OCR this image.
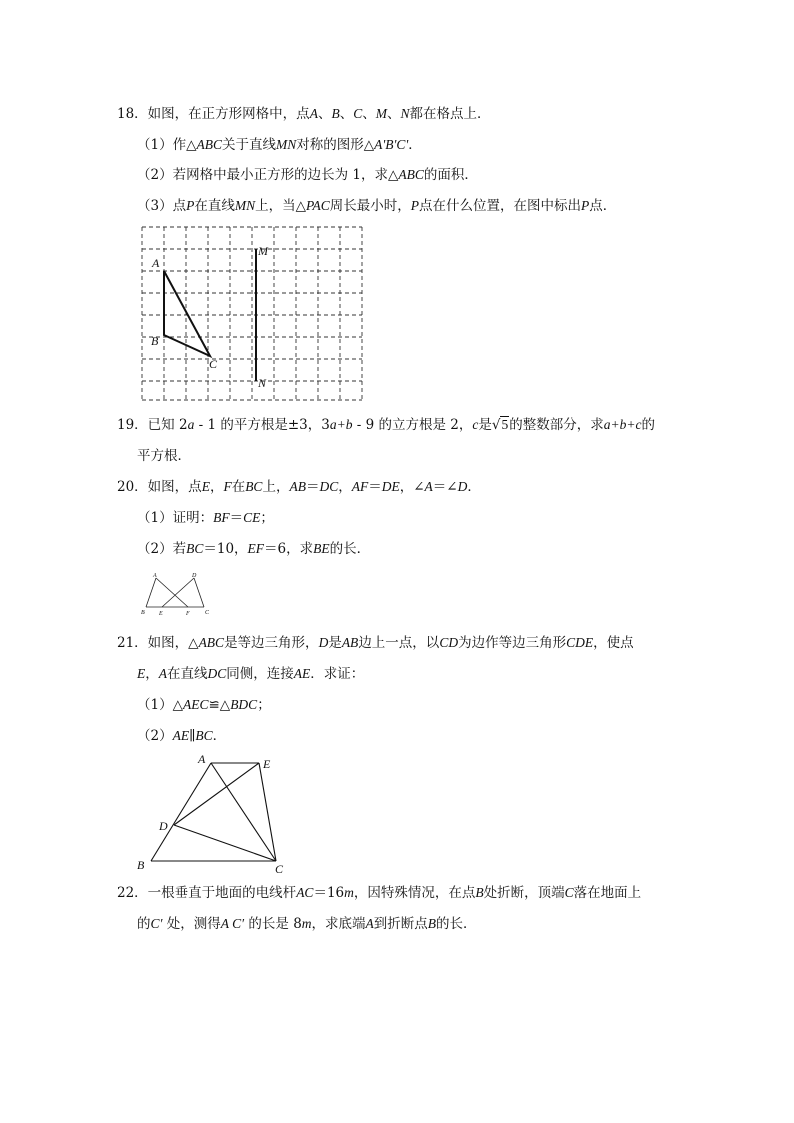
18．如图，在正方形网格中，点A、B、C、M、N都在格点上．
（1）作△ABC关于直线MN对称的图形△A'B'C'．
（2）若网格中最小正方形的边长为 1，求△ABC的面积．
（3）点P在直线MN上，当△PAC周长最小时，P点在什么位置，在图中标出P点．
A
B
C
M
N
19．已知 2a - 1 的平方根是±3，3a+b - 9 的立方根是 2，c是√5的整数部分，求a+b+c的
平方根．
20．如图，点E，F在BC上，AB＝DC，AF＝DE，∠A＝∠D．
（1）证明：BF＝CE；
（2）若BC＝10，EF＝6，求BE的长．
A	D
B E	F	C
21．如图，△ABC是等边三角形，D是AB边上一点，以CD为边作等边三角形CDE，使点
E，A在直线DC同侧，连接AE．求证：
（1）△AEC≌△BDC；
（2）AE∥BC．
A	E
D
B	C
22．一根垂直于地面的电线杆AC＝16m，因特殊情况，在点B处折断，顶端C落在地面上
的C′ 处，测得A C′ 的长是 8m，求底端A到折断点B的长．
